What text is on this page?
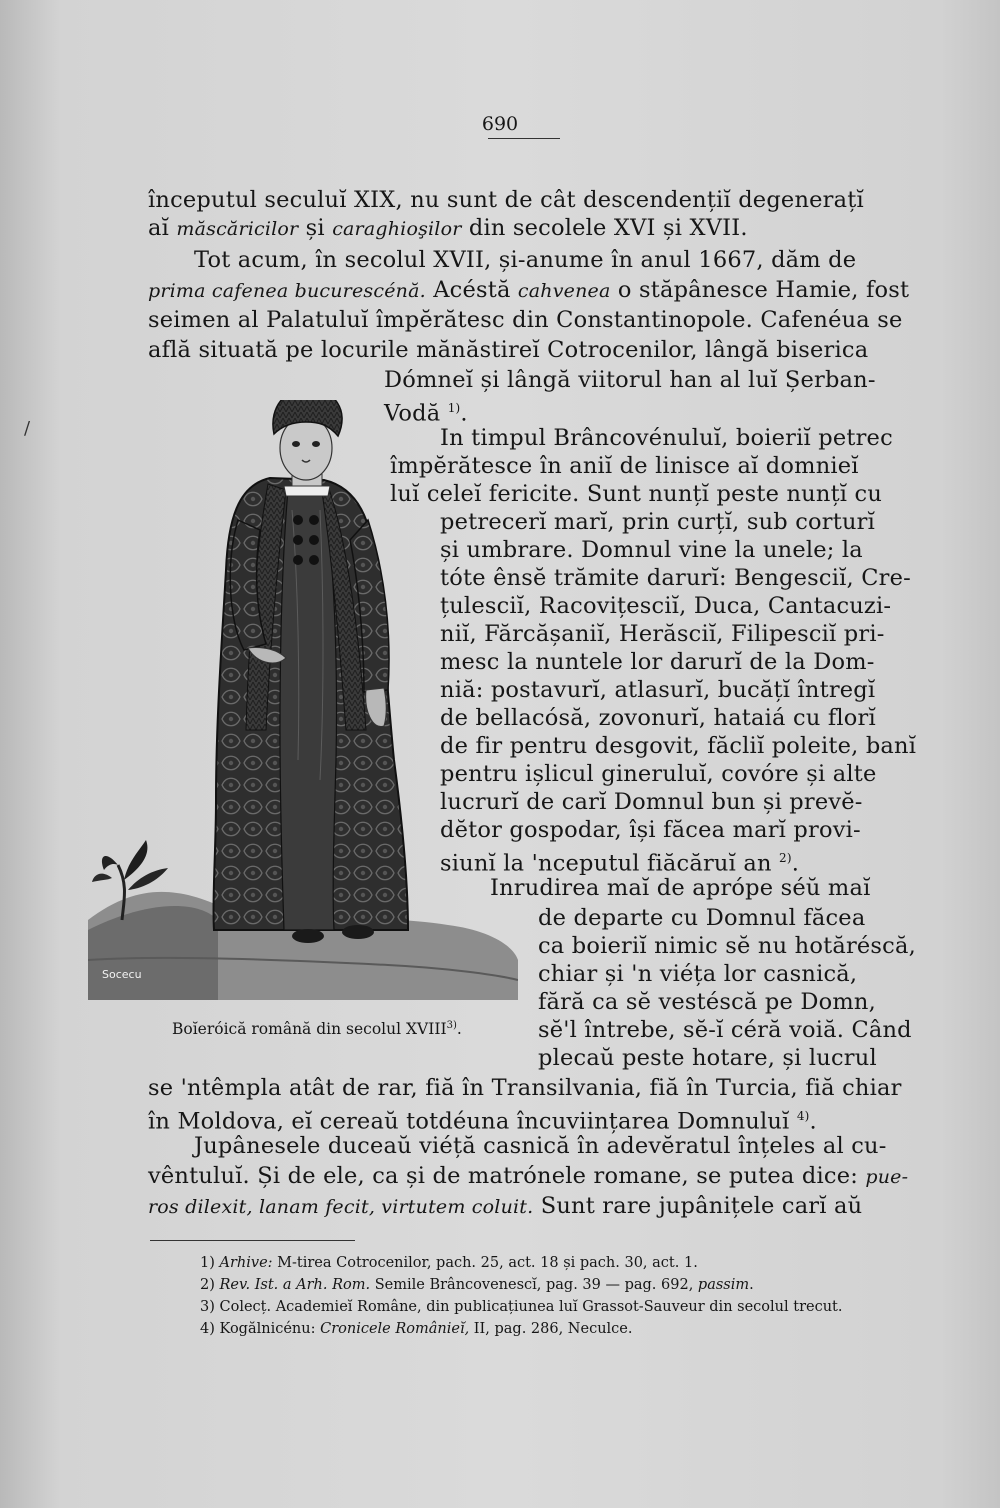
690
/
începutul seculuĭ XIX, nu sunt de cât descendențiĭ degenerațĭ
aĭ măscăricilor și caraghioşilor din secolele XVI și XVII.
Tot acum, în secolul XVII, și-anume în anul 1667, dăm de
prima cafenea bucurescénă. Acéstă cahvenea o stăpânesce Hamie, fost
seimen al Palatuluĭ împĕrătesc din Constantinopole. Cafenéua se
află situată pe locurile mănăstireĭ Cotrocenilor, lângă biserica
Dómneĭ și lângă viitorul han al luĭ Șerban-
Vodă $^{1)}$.
In timpul Brâncovénuluĭ, boieriĭ petrec
împĕrătesce în aniĭ de linisce aĭ domnieĭ
luĭ celeĭ fericite. Sunt nunțĭ peste nunțĭ cu
petrecerĭ marĭ, prin curțĭ, sub corturĭ
și umbrare. Domnul vine la unele; la
tóte ênsĕ trămite darurĭ: Bengesciĭ, Cre-
țulesciĭ, Racovițesciĭ, Duca, Cantacuzi-
niĭ, Fărcășaniĭ, Herăsciĭ, Filipesciĭ pri-
mesc la nuntele lor darurĭ de la Dom-
niă: postavurĭ, atlasurĭ, bucățĭ întregĭ
de bellacósă, zovonurĭ, hataiá cu florĭ
de fir pentru desgovit, făcliĭ poleite, banĭ
pentru ișlicul gineruluĭ, covóre și alte
lucrurĭ de carĭ Domnul bun și prevĕ-
dĕtor gospodar, își făcea marĭ provi-
siunĭ la 'nceputul fiăcăruĭ an $^{2)}$.
Inrudirea maĭ de aprópe séŭ maĭ
de departe cu Domnul făcea
ca boieriĭ nimic sĕ nu hotăréscă,
chiar și 'n viéța lor casnică,
fără ca sĕ vestéscă pe Domn,
sĕ'l întrebe, sĕ-ĭ céră voiă. Când
plecaŭ peste hotare, și lucrul
se 'ntêmpla atât de rar, fiă în Transilvania, fiă în Turcia, fiă chiar
în Moldova, eĭ cereaŭ totdéuna încuviințarea Domnuluĭ $^{4)}$.
Jupânesele duceaŭ viéță casnică în adevĕratul înțeles al cu-
vêntuluĭ. Și de ele, ca și de matrónele romane, se putea dice: pue-
ros dilexit, lanam fecit, virtutem coluit. Sunt rare jupânițele carĭ aŭ
Socecu
Boĭeróică română din secolul XVIII$^{3)}$.
1) Arhive: M-tirea Cotrocenilor, pach. 25, act. 18 și pach. 30, act. 1.
2) Rev. Ist. a Arh. Rom. Semile Brâncovenescĭ, pag. 39 — pag. 692, passim.
3) Colecț. Academieĭ Române, din publicațiunea luĭ Grassot-Sauveur din secolul trecut.
4) Kogălnicénu: Cronicele Românieĭ, II, pag. 286, Neculce.
